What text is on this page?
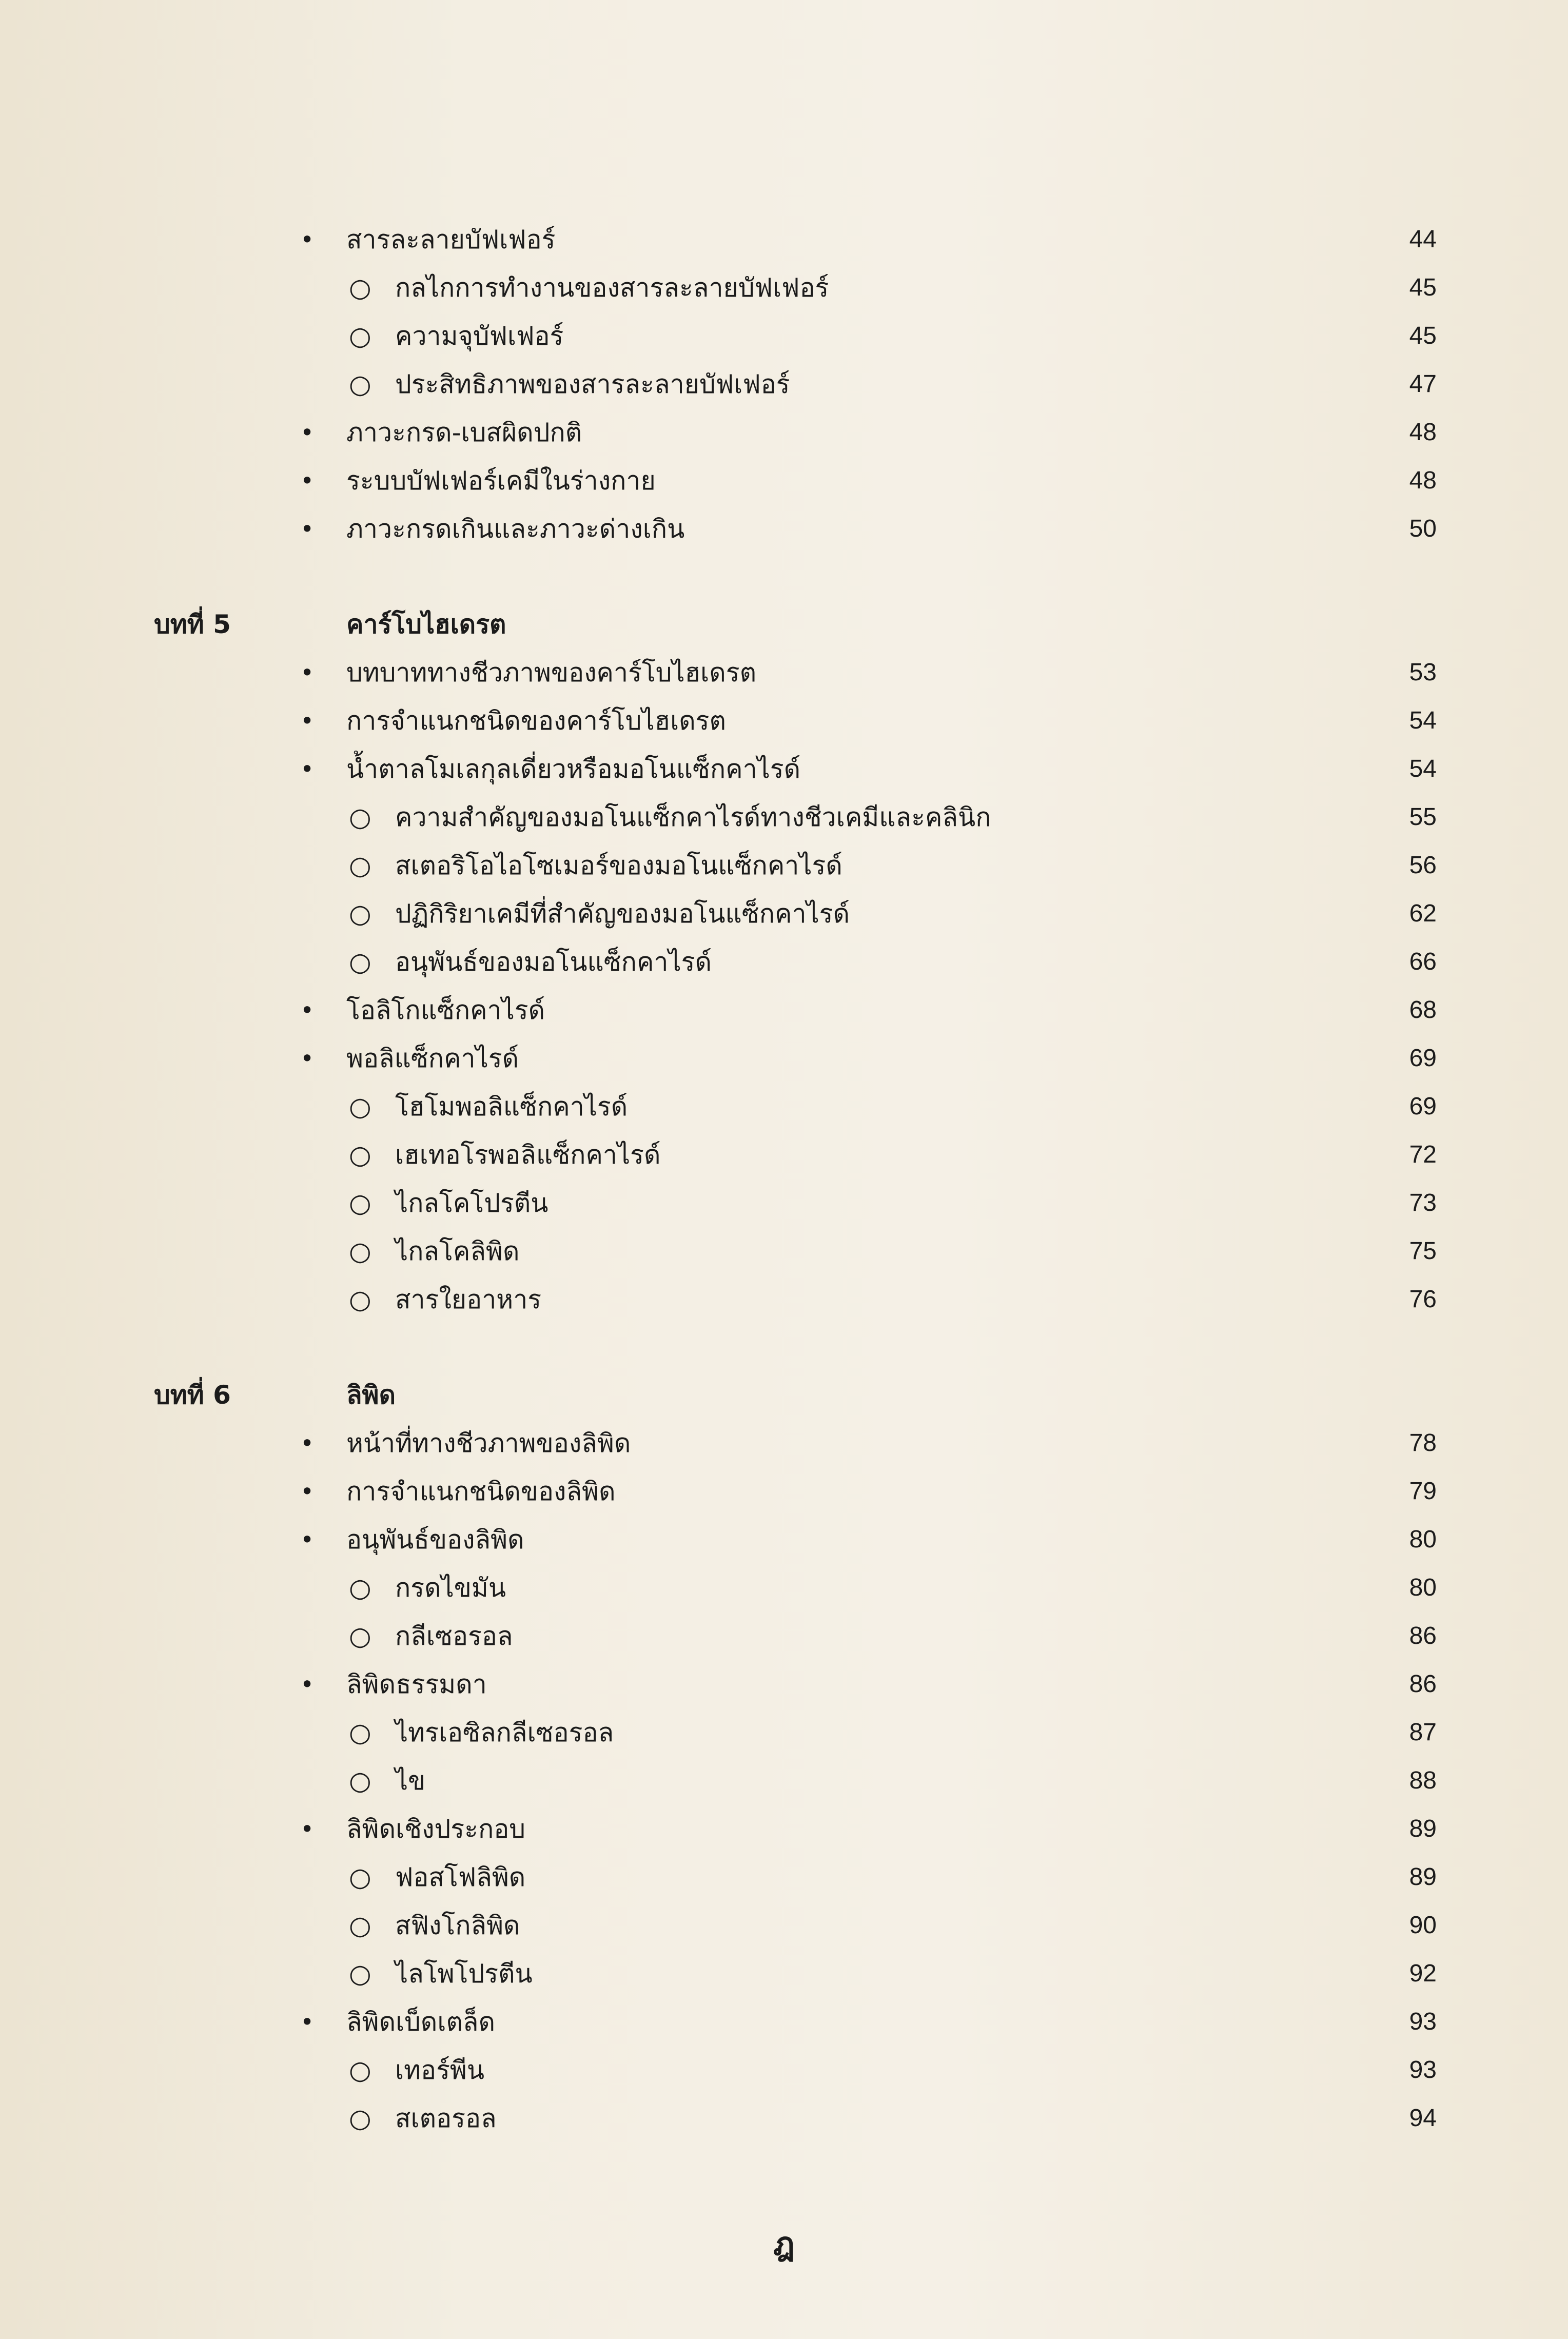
• สารละลายบัฟเฟอร์	44
○ กลไกการทำงานของสารละลายบัฟเฟอร์	45
○ ความจุบัฟเฟอร์	45
○ ประสิทธิภาพของสารละลายบัฟเฟอร์	47
• ภาวะกรด-เบสผิดปกติ	48
• ระบบบัฟเฟอร์เคมีในร่างกาย	48
• ภาวะกรดเกินและภาวะด่างเกิน	50
บทที่ 5	คาร์โบไฮเดรต
• บทบาททางชีวภาพของคาร์โบไฮเดรต	53
• การจำแนกชนิดของคาร์โบไฮเดรต	54
• น้ำตาลโมเลกุลเดี่ยวหรือมอโนแซ็กคาไรด์	54
○ ความสำคัญของมอโนแซ็กคาไรด์ทางชีวเคมีและคลินิก	55
○ สเตอริโอไอโซเมอร์ของมอโนแซ็กคาไรด์	56
○ ปฏิกิริยาเคมีที่สำคัญของมอโนแซ็กคาไรด์	62
○ อนุพันธ์ของมอโนแซ็กคาไรด์	66
• โอลิโกแซ็กคาไรด์	68
• พอลิแซ็กคาไรด์	69
○ โฮโมพอลิแซ็กคาไรด์	69
○ เฮเทอโรพอลิแซ็กคาไรด์	72
○ ไกลโคโปรตีน	73
○ ไกลโคลิพิด	75
○ สารใยอาหาร	76
บทที่ 6	ลิพิด
• หน้าที่ทางชีวภาพของลิพิด	78
• การจำแนกชนิดของลิพิด	79
• อนุพันธ์ของลิพิด	80
○ กรดไขมัน	80
○ กลีเซอรอล	86
• ลิพิดธรรมดา	86
○ ไทรเอซิลกลีเซอรอล	87
○ ไข	88
• ลิพิดเชิงประกอบ	89
○ ฟอสโฟลิพิด	89
○ สฟิงโกลิพิด	90
○ ไลโพโปรตีน	92
• ลิพิดเบ็ดเตล็ด	93
○ เทอร์พีน	93
○ สเตอรอล	94
ฎ
